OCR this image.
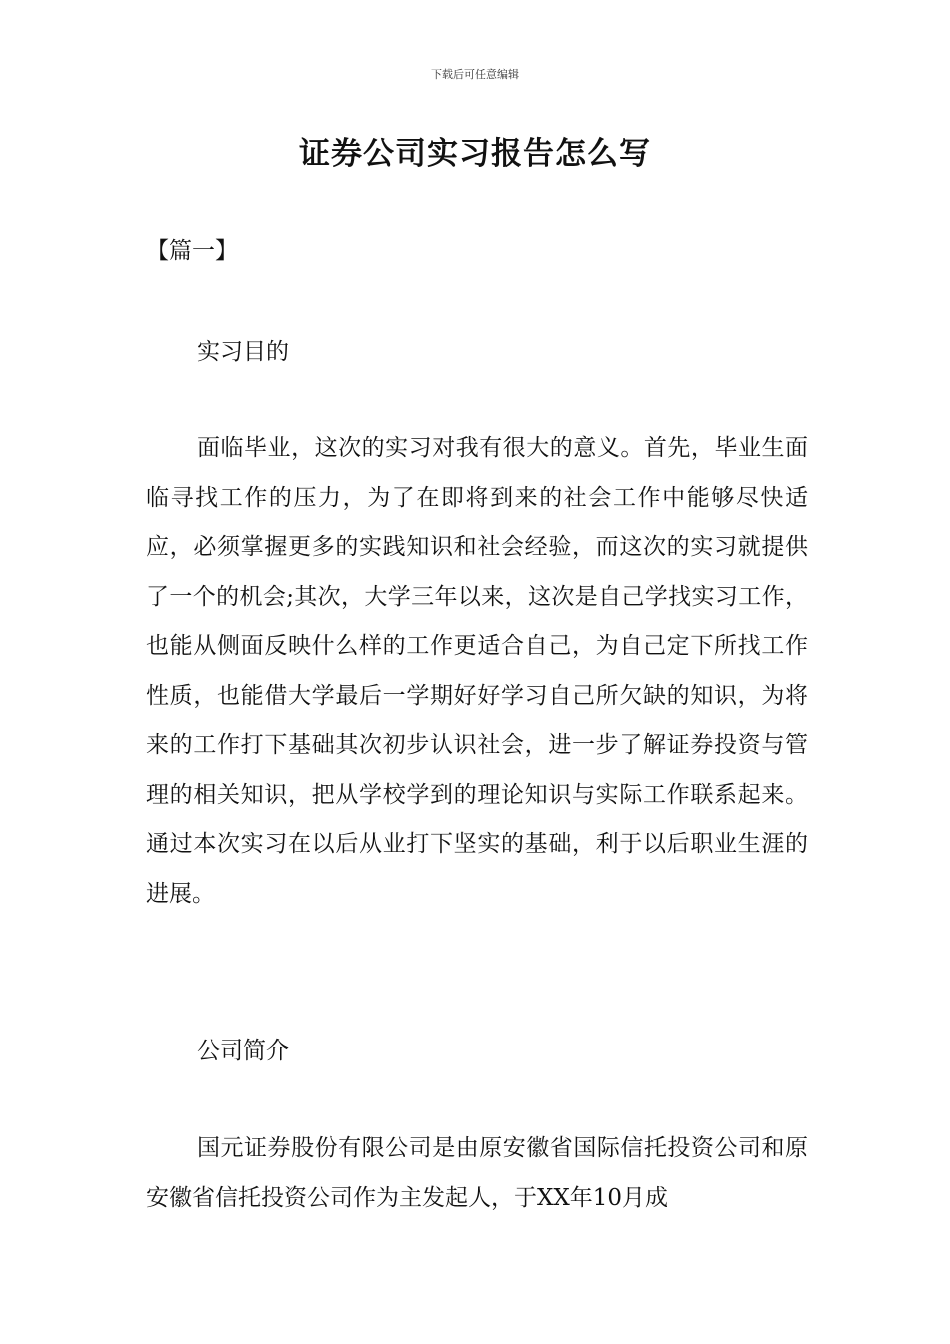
下载后可任意编辑
证券公司实习报告怎么写
【篇一】
实习目的
面临毕业，这次的实习对我有很大的意义。首先，毕业生面临寻找工作的压力，为了在即将到来的社会工作中能够尽快适应，必须掌握更多的实践知识和社会经验，而这次的实习就提供了一个的机会;其次，大学三年以来，这次是自己学找实习工作，也能从侧面反映什么样的工作更适合自己，为自己定下所找工作性质，也能借大学最后一学期好好学习自己所欠缺的知识，为将来的工作打下基础其次初步认识社会，进一步了解证券投资与管理的相关知识，把从学校学到的理论知识与实际工作联系起来。通过本次实习在以后从业打下坚实的基础，利于以后职业生涯的进展。
公司简介
国元证券股份有限公司是由原安徽省国际信托投资公司和原安徽省信托投资公司作为主发起人，于XX年10月成
